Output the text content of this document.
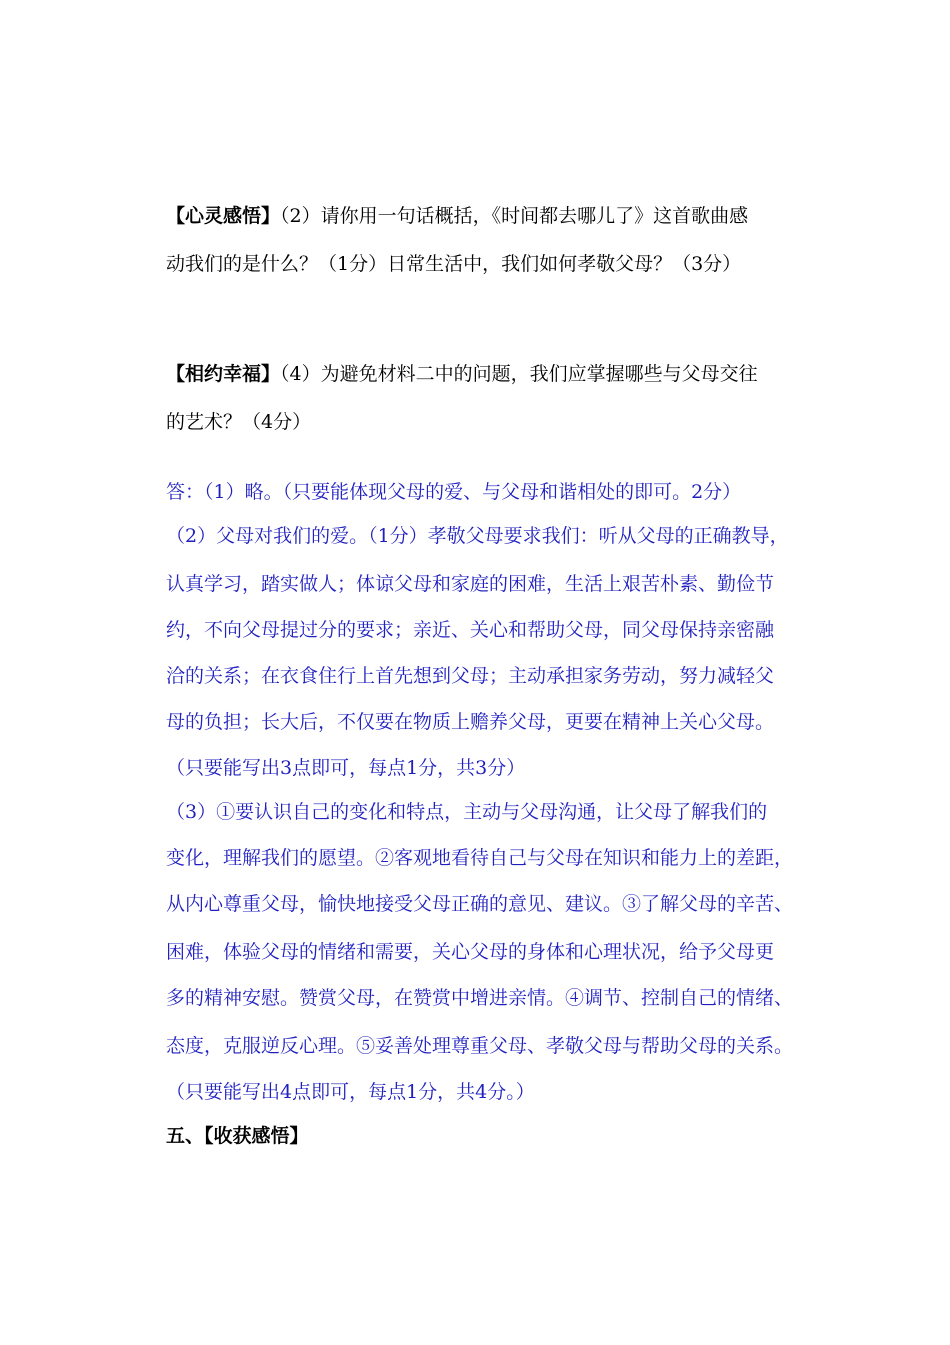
【心灵感悟】（2）请你用一句话概括，《时间都去哪儿了》这首歌曲感
动我们的是什么？（1分）日常生活中，我们如何孝敬父母？（3分）
【相约幸福】（4）为避免材料二中的问题，我们应掌握哪些与父母交往
的艺术？（4分）
答：（1）略。（只要能体现父母的爱、与父母和谐相处的即可。2分）
（2）父母对我们的爱。（1分）孝敬父母要求我们：听从父母的正确教导，
认真学习，踏实做人；体谅父母和家庭的困难，生活上艰苦朴素、勤俭节
约，不向父母提过分的要求；亲近、关心和帮助父母，同父母保持亲密融
洽的关系；在衣食住行上首先想到父母；主动承担家务劳动，努力减轻父
母的负担；长大后，不仅要在物质上赡养父母，更要在精神上关心父母。
（只要能写出3点即可，每点1分，共3分）
（3）①要认识自己的变化和特点，主动与父母沟通，让父母了解我们的
变化，理解我们的愿望。②客观地看待自己与父母在知识和能力上的差距，
从内心尊重父母，愉快地接受父母正确的意见、建议。③了解父母的辛苦、
困难，体验父母的情绪和需要，关心父母的身体和心理状况，给予父母更
多的精神安慰。赞赏父母，在赞赏中增进亲情。④调节、控制自己的情绪、
态度，克服逆反心理。⑤妥善处理尊重父母、孝敬父母与帮助父母的关系。
（只要能写出4点即可，每点1分，共4分。）
五、【收获感悟】
